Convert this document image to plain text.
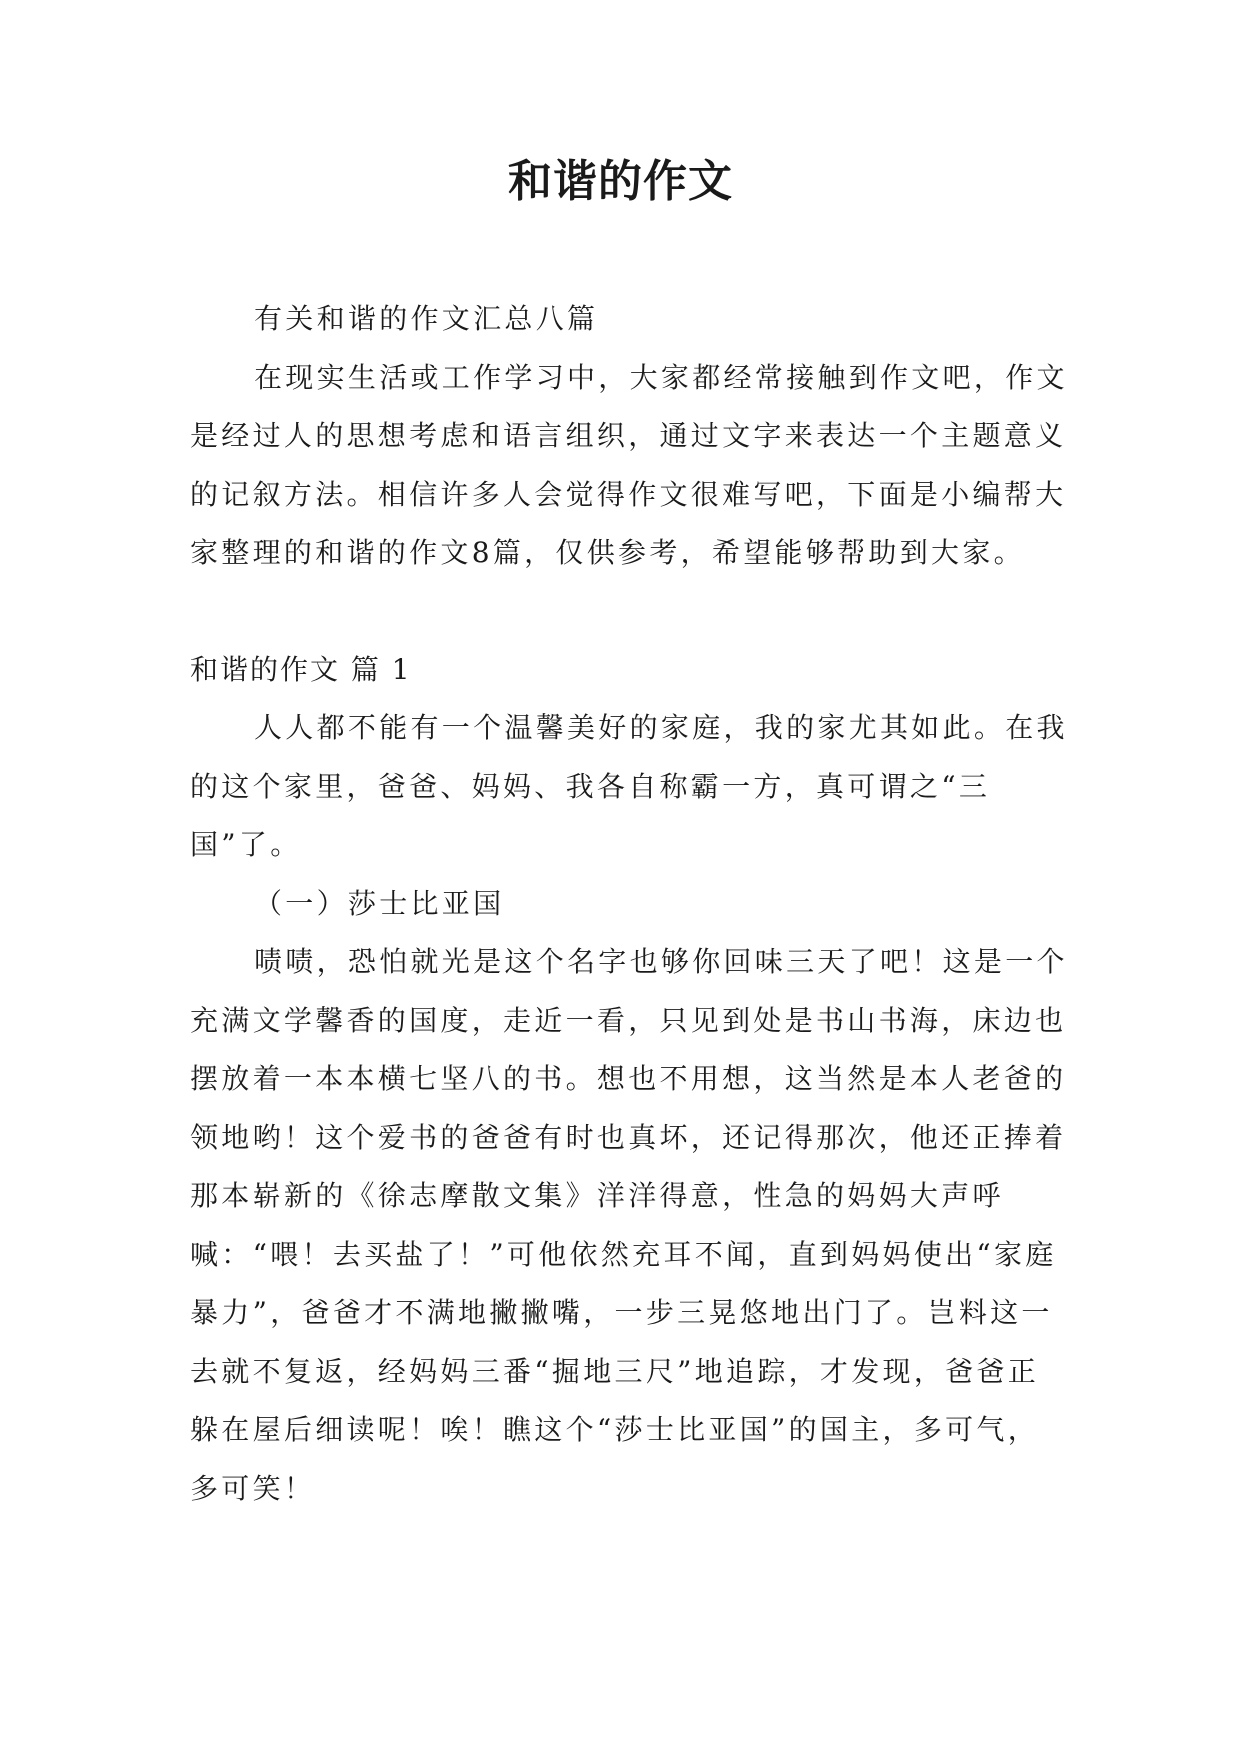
和谐的作文

有关和谐的作文汇总八篇

在现实生活或工作学习中，大家都经常接触到作文吧，作文是经过人的思想考虑和语言组织，通过文字来表达一个主题意义的记叙方法。相信许多人会觉得作文很难写吧，下面是小编帮大家整理的和谐的作文8篇，仅供参考，希望能够帮助到大家。

和谐的作文 篇 1

人人都不能有一个温馨美好的家庭，我的家尤其如此。在我的这个家里，爸爸、妈妈、我各自称霸一方，真可谓之“三国”了。

（一）莎士比亚国

啧啧，恐怕就光是这个名字也够你回味三天了吧！这是一个充满文学馨香的国度，走近一看，只见到处是书山书海，床边也摆放着一本本横七坚八的书。想也不用想，这当然是本人老爸的领地哟！这个爱书的爸爸有时也真坏，还记得那次，他还正捧着那本崭新的《徐志摩散文集》洋洋得意，性急的妈妈大声呼喊：“喂！去买盐了！”可他依然充耳不闻，直到妈妈使出“家庭暴力”，爸爸才不满地撇撇嘴，一步三晃悠地出门了。岂料这一去就不复返，经妈妈三番“掘地三尺”地追踪，才发现，爸爸正躲在屋后细读呢！唉！瞧这个“莎士比亚国”的国主，多可气，多可笑！
